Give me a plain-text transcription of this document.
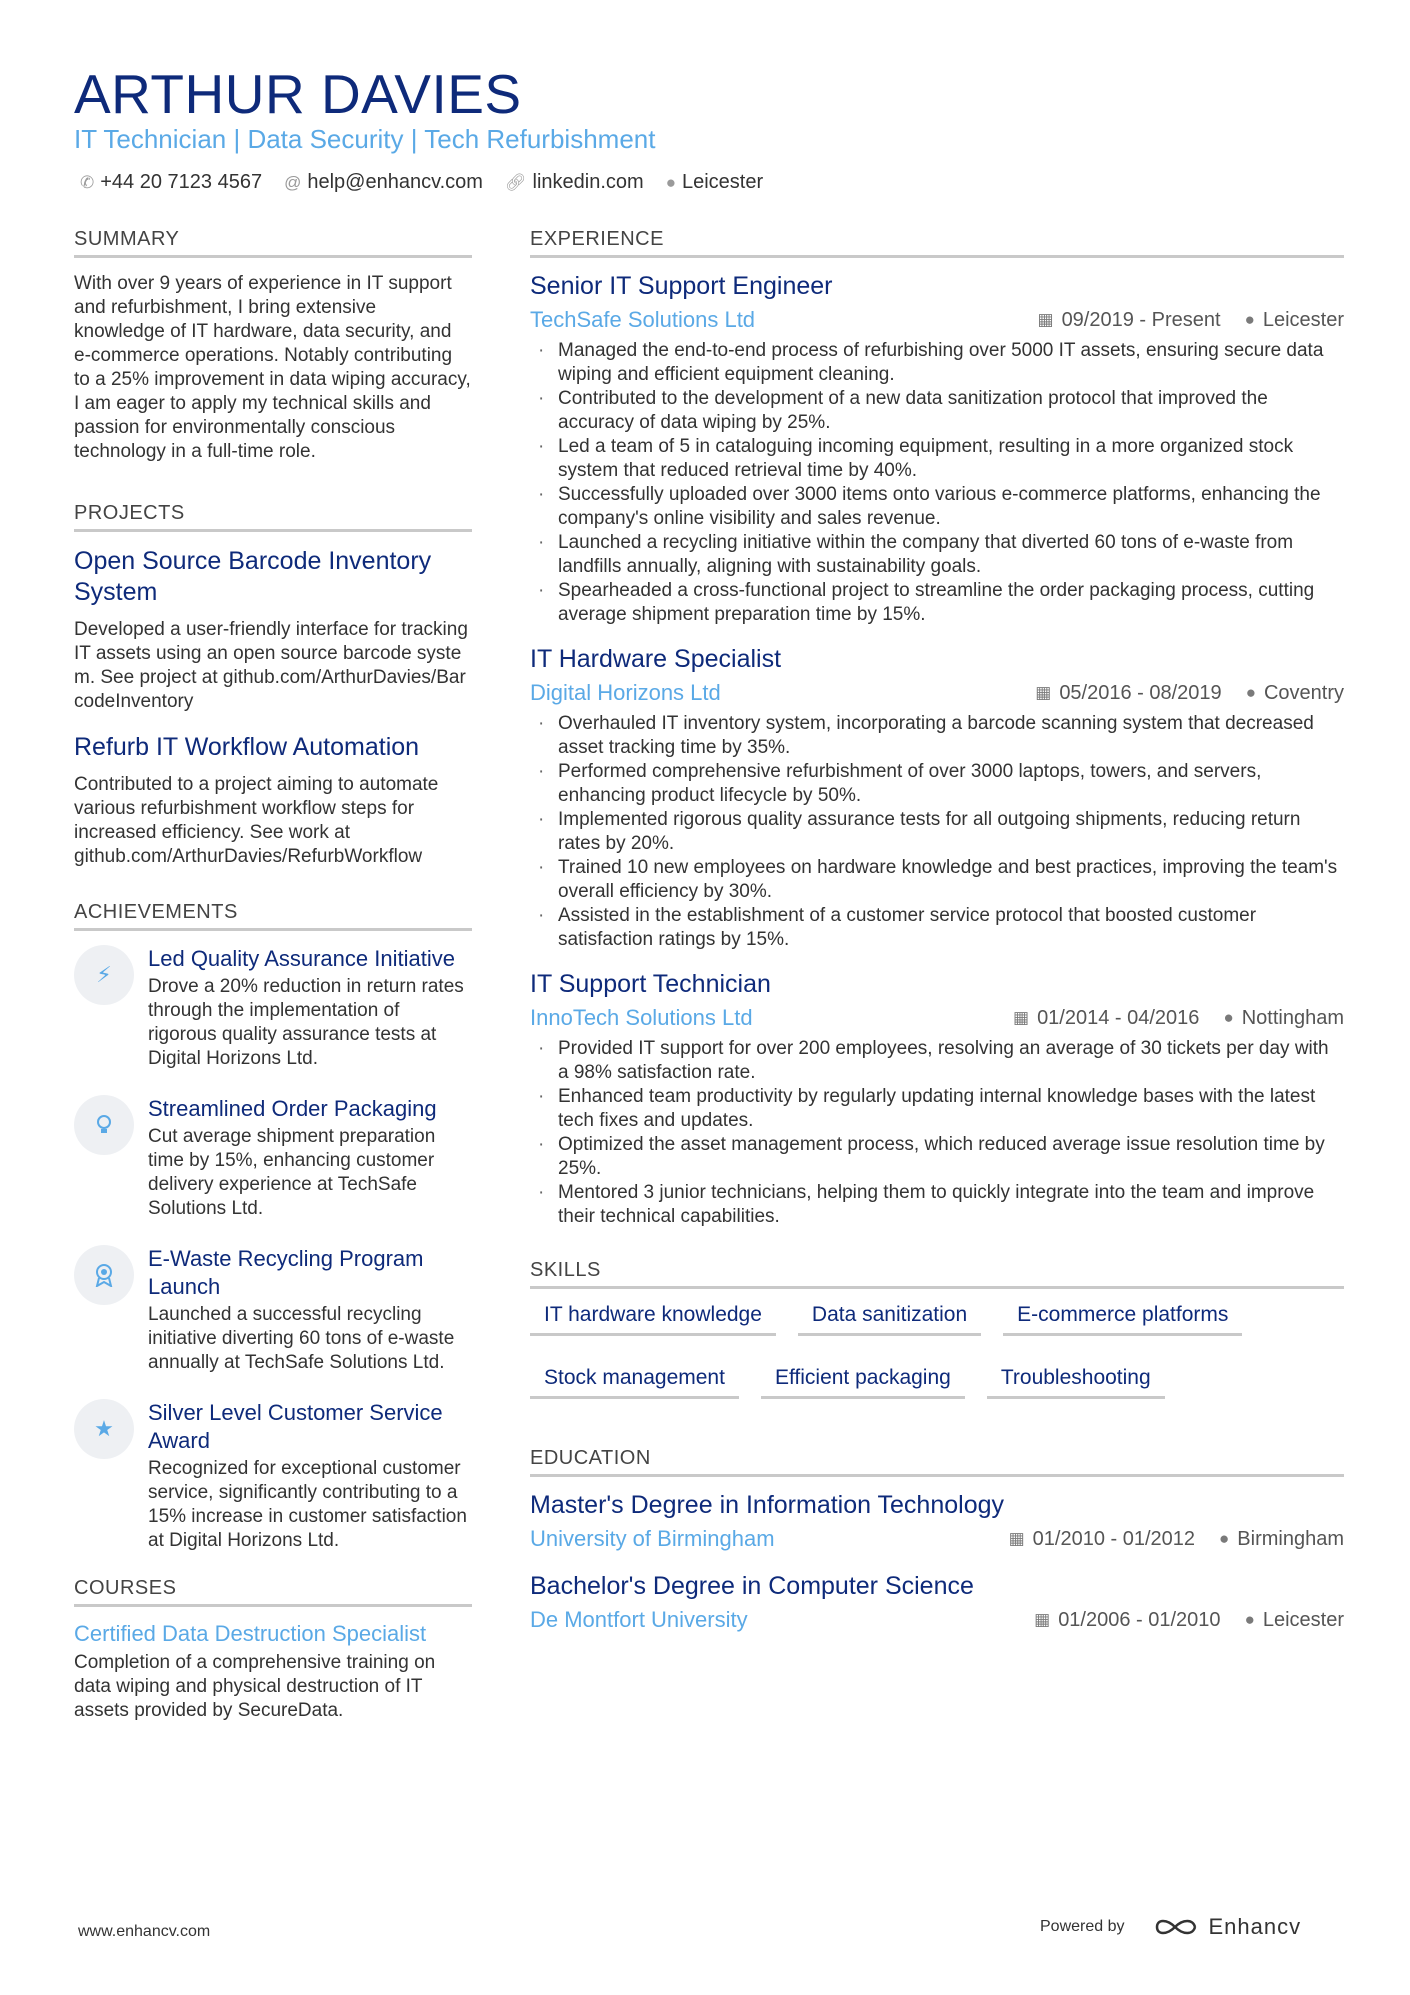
ARTHUR DAVIES
IT Technician | Data Security | Tech Refurbishment
✆ +44 20 7123 4567 @ help@enhancv.com 🔗︎ linkedin.com ● Leicester
SUMMARY

With over 9 years of experience in IT support and refurbishment, I bring extensive knowledge of IT hardware, data security, and e-commerce operations. Notably contributing to a 25% improvement in data wiping accuracy, I am eager to apply my technical skills and passion for environmentally conscious technology in a full-time role.

PROJECTS
Open Source Barcode Inventory System

Developed a user-friendly interface for tracking IT assets using an open source barcode system. See project at github.com/ArthurDavies/BarcodeInventory

Refurb IT Workflow Automation

Contributed to a project aiming to automate various refurbishment workflow steps for increased efficiency. See work at github.com/ArthurDavies/RefurbWorkflow

ACHIEVEMENTS
⚡︎
Led Quality Assurance Initiative

Drove a 20% reduction in return rates through the implementation of rigorous quality assurance tests at Digital Horizons Ltd.

Streamlined Order Packaging

Cut average shipment preparation time by 15%, enhancing customer delivery experience at TechSafe Solutions Ltd.

E-Waste Recycling Program Launch

Launched a successful recycling initiative diverting 60 tons of e-waste annually at TechSafe Solutions Ltd.

★
Silver Level Customer Service Award

Recognized for exceptional customer service, significantly contributing to a 15% increase in customer satisfaction at Digital Horizons Ltd.

COURSES
Certified Data Destruction Specialist

Completion of a comprehensive training on data wiping and physical destruction of IT assets provided by SecureData.

EXPERIENCE
Senior IT Support Engineer
TechSafe Solutions Ltd	▦ 09/2019 - Present ● Leicester
· Managed the end-to-end process of refurbishing over 5000 IT assets, ensuring secure data wiping and efficient equipment cleaning.
· Contributed to the development of a new data sanitization protocol that improved the accuracy of data wiping by 25%.
· Led a team of 5 in cataloguing incoming equipment, resulting in a more organized stock system that reduced retrieval time by 40%.
· Successfully uploaded over 3000 items onto various e-commerce platforms, enhancing the company's online visibility and sales revenue.
· Launched a recycling initiative within the company that diverted 60 tons of e-waste from landfills annually, aligning with sustainability goals.
· Spearheaded a cross-functional project to streamline the order packaging process, cutting average shipment preparation time by 15%.
IT Hardware Specialist
Digital Horizons Ltd	▦ 05/2016 - 08/2019 ● Coventry
· Overhauled IT inventory system, incorporating a barcode scanning system that decreased asset tracking time by 35%.
· Performed comprehensive refurbishment of over 3000 laptops, towers, and servers, enhancing product lifecycle by 50%.
· Implemented rigorous quality assurance tests for all outgoing shipments, reducing return rates by 20%.
· Trained 10 new employees on hardware knowledge and best practices, improving the team's overall efficiency by 30%.
· Assisted in the establishment of a customer service protocol that boosted customer satisfaction ratings by 15%.
IT Support Technician
InnoTech Solutions Ltd	▦ 01/2014 - 04/2016 ● Nottingham
· Provided IT support for over 200 employees, resolving an average of 30 tickets per day with a 98% satisfaction rate.
· Enhanced team productivity by regularly updating internal knowledge bases with the latest tech fixes and updates.
· Optimized the asset management process, which reduced average issue resolution time by 25%.
· Mentored 3 junior technicians, helping them to quickly integrate into the team and improve their technical capabilities.
SKILLS
IT hardware knowledge	Data sanitization	E-commerce platforms
Stock management	Efficient packaging	Troubleshooting
EDUCATION
Master's Degree in Information Technology
University of Birmingham	▦ 01/2010 - 01/2012 ● Birmingham
Bachelor's Degree in Computer Science
De Montfort University	▦ 01/2006 - 01/2010 ● Leicester
www.enhancv.com	Powered by	Enhancv
